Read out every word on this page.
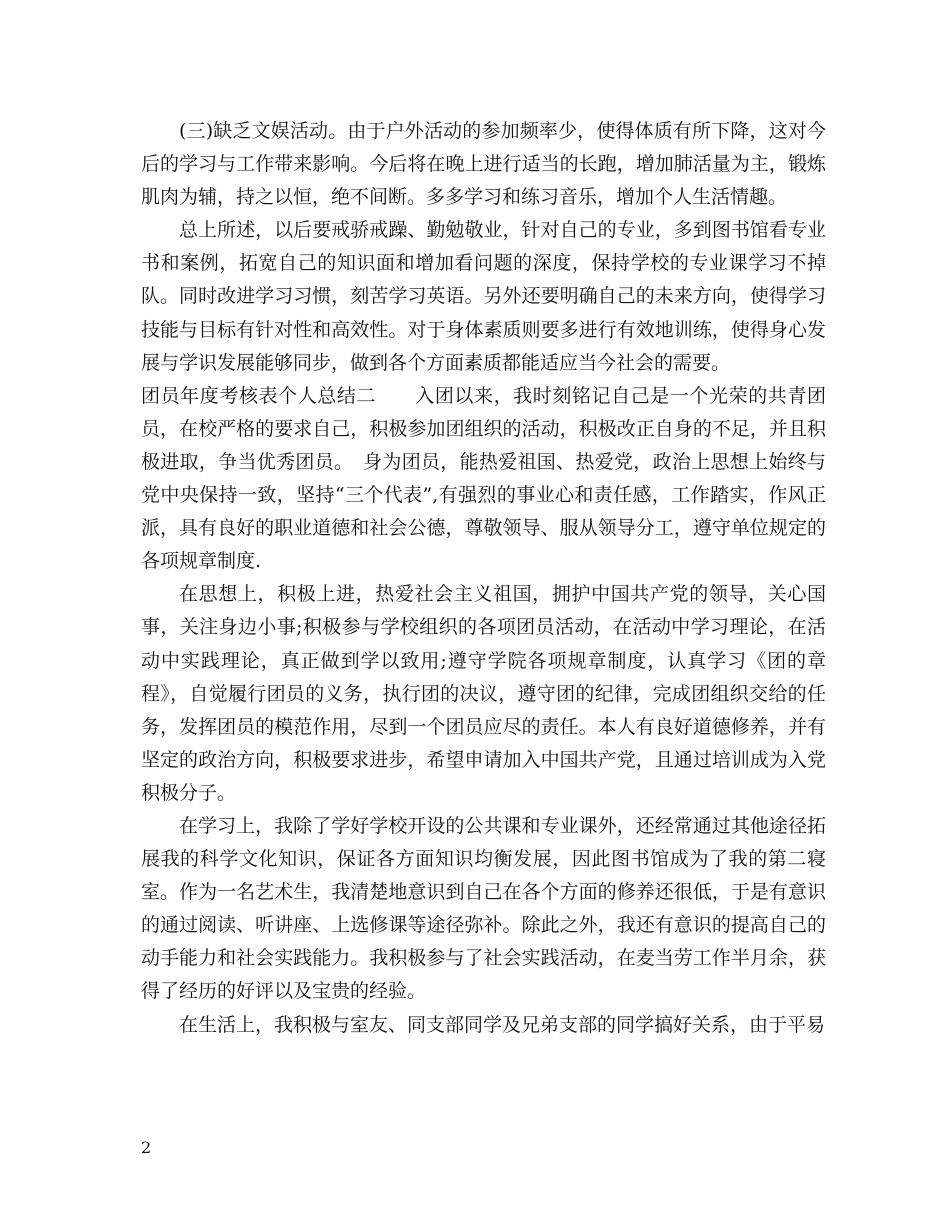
(三)缺乏文娱活动。由于户外活动的参加频率少，使得体质有所下降，这对今后的学习与工作带来影响。今后将在晚上进行适当的长跑，增加肺活量为主，锻炼肌肉为辅，持之以恒，绝不间断。多多学习和练习音乐，增加个人生活情趣。

总上所述，以后要戒骄戒躁、勤勉敬业，针对自己的专业，多到图书馆看专业书和案例，拓宽自己的知识面和增加看问题的深度，保持学校的专业课学习不掉队。同时改进学习习惯，刻苦学习英语。另外还要明确自己的未来方向，使得学习技能与目标有针对性和高效性。对于身体素质则要多进行有效地训练，使得身心发展与学识发展能够同步，做到各个方面素质都能适应当今社会的需要。

团员年度考核表个人总结二　　入团以来，我时刻铭记自己是一个光荣的共青团员，在校严格的要求自己，积极参加团组织的活动，积极改正自身的不足，并且积极进取，争当优秀团员。　身为团员，能热爱祖国、热爱党，政治上思想上始终与党中央保持一致，坚持“三个代表”,有强烈的事业心和责任感，工作踏实，作风正派，具有良好的职业道德和社会公德，尊敬领导、服从领导分工，遵守单位规定的各项规章制度.

在思想上，积极上进，热爱社会主义祖国，拥护中国共产党的领导，关心国事，关注身边小事;积极参与学校组织的各项团员活动，在活动中学习理论，在活动中实践理论，真正做到学以致用;遵守学院各项规章制度，认真学习《团的章程》，自觉履行团员的义务，执行团的决议，遵守团的纪律，完成团组织交给的任务，发挥团员的模范作用，尽到一个团员应尽的责任。本人有良好道德修养，并有坚定的政治方向，积极要求进步，希望申请加入中国共产党，且通过培训成为入党积极分子。

在学习上，我除了学好学校开设的公共课和专业课外，还经常通过其他途径拓展我的科学文化知识，保证各方面知识均衡发展，因此图书馆成为了我的第二寝室。作为一名艺术生，我清楚地意识到自己在各个方面的修养还很低，于是有意识的通过阅读、听讲座、上选修课等途径弥补。除此之外，我还有意识的提高自己的动手能力和社会实践能力。我积极参与了社会实践活动，在麦当劳工作半月余，获得了经历的好评以及宝贵的经验。

在生活上，我积极与室友、同支部同学及兄弟支部的同学搞好关系，由于平易

2
